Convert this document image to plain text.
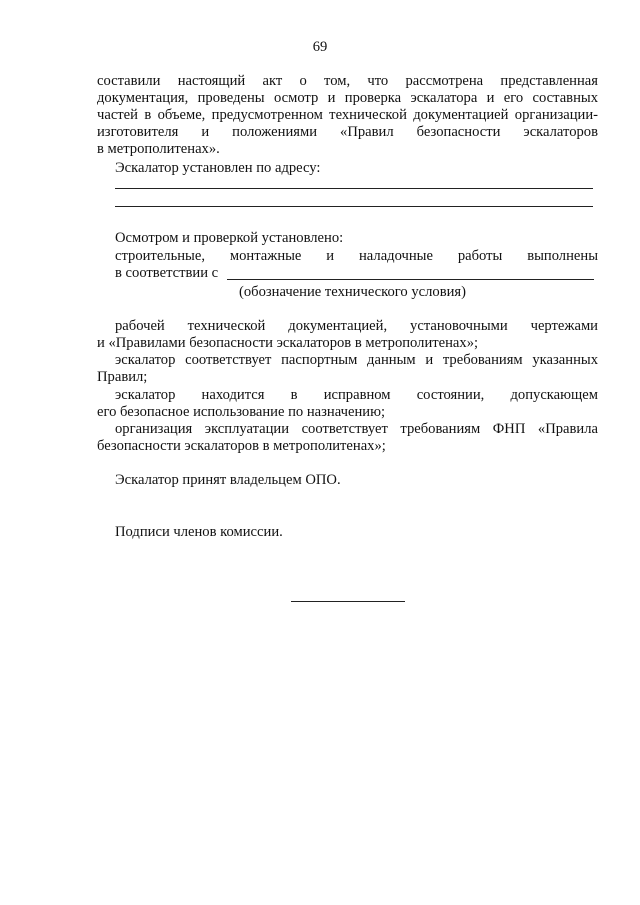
69
составили настоящий акт о том, что рассмотрена представленная
документация, проведены осмотр и проверка эскалатора и его составных
частей в объеме, предусмотренном технической документацией организации-
изготовителя и положениями «Правил безопасности эскалаторов
в метрополитенах».
Эскалатор установлен по адресу:
Осмотром и проверкой установлено:
строительные, монтажные и наладочные работы выполнены
в соответствии с
(обозначение технического условия)
рабочей технической документацией, установочными чертежами
и «Правилами безопасности эскалаторов в метрополитенах»;
эскалатор соответствует паспортным данным и требованиям указанных
Правил;
эскалатор находится в исправном состоянии, допускающем
его безопасное использование по назначению;
организация эксплуатации соответствует требованиям ФНП «Правила
безопасности эскалаторов в метрополитенах»;
Эскалатор принят владельцем ОПО.
Подписи членов комиссии.
